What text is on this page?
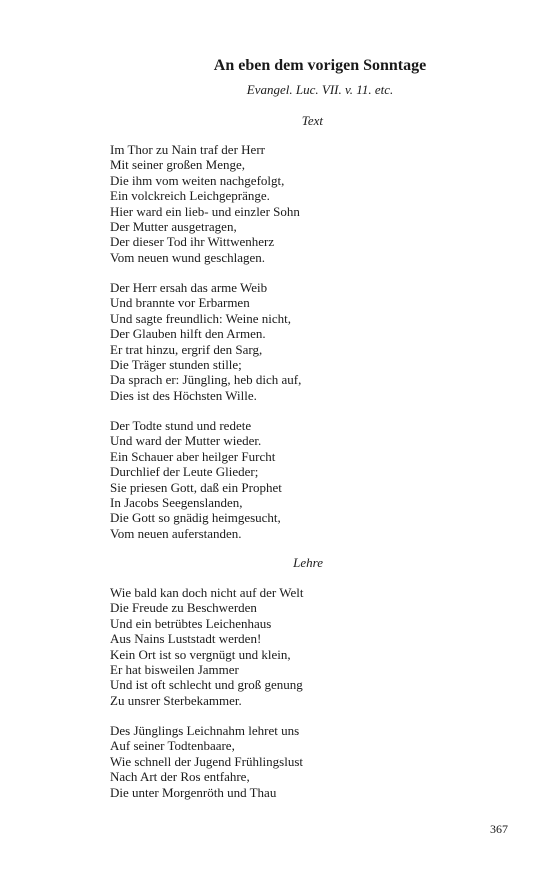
An eben dem vorigen Sonntage
Evangel. Luc. VII. v. 11. etc.
Text
Im Thor zu Nain traf der Herr
Mit seiner großen Menge,
Die ihm vom weiten nachgefolgt,
Ein volckreich Leichgepränge.
Hier ward ein lieb- und einzler Sohn
Der Mutter ausgetragen,
Der dieser Tod ihr Wittwenherz
Vom neuen wund geschlagen.
Der Herr ersah das arme Weib
Und brannte vor Erbarmen
Und sagte freundlich: Weine nicht,
Der Glauben hilft den Armen.
Er trat hinzu, ergrif den Sarg,
Die Träger stunden stille;
Da sprach er: Jüngling, heb dich auf,
Dies ist des Höchsten Wille.
Der Todte stund und redete
Und ward der Mutter wieder.
Ein Schauer aber heilger Furcht
Durchlief der Leute Glieder;
Sie priesen Gott, daß ein Prophet
In Jacobs Seegenslanden,
Die Gott so gnädig heimgesucht,
Vom neuen auferstanden.
Lehre
Wie bald kan doch nicht auf der Welt
Die Freude zu Beschwerden
Und ein betrübtes Leichenhaus
Aus Nains Luststadt werden!
Kein Ort ist so vergnügt und klein,
Er hat bisweilen Jammer
Und ist oft schlecht und groß genung
Zu unsrer Sterbekammer.
Des Jünglings Leichnahm lehret uns
Auf seiner Todtenbaare,
Wie schnell der Jugend Frühlingslust
Nach Art der Ros entfahre,
Die unter Morgenröth und Thau
367
